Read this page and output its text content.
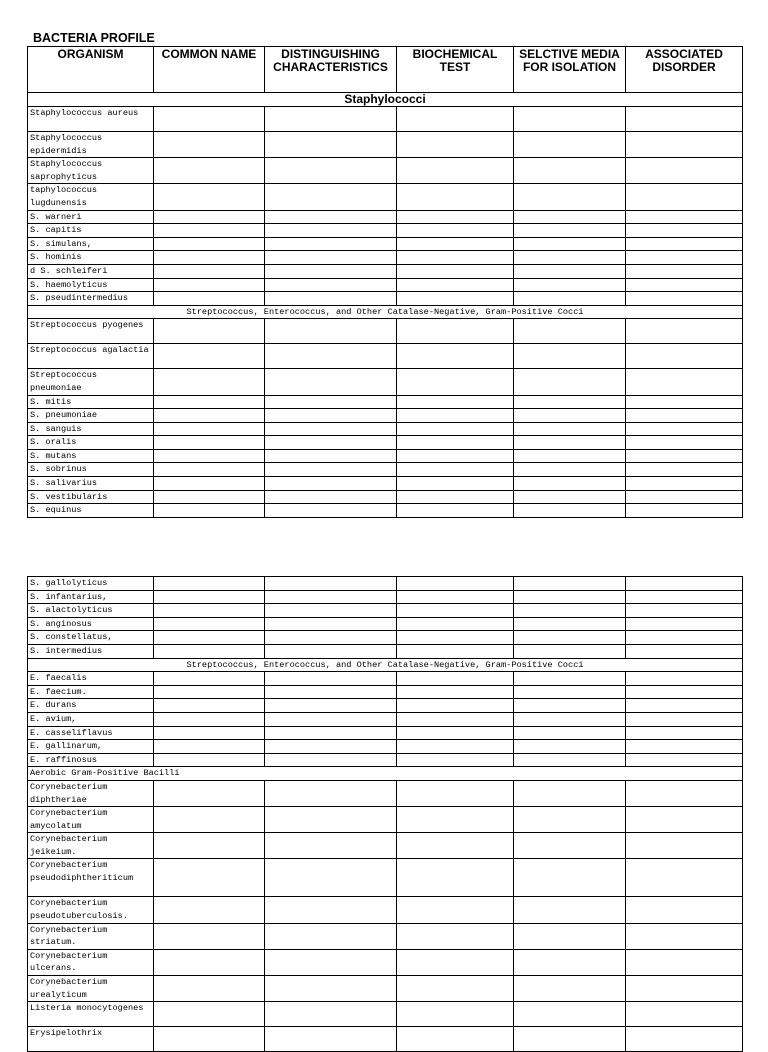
BACTERIA PROFILE
ORGANISM	COMMON NAME	DISTINGUISHING CHARACTERISTICS	BIOCHEMICAL TEST	SELCTIVE MEDIA FOR ISOLATION	ASSOCIATED DISORDER
Staphylococci					
Staphylococcus aureus					
Staphylococcus epidermidis					
Staphylococcus saprophyticus					
taphylococcus lugdunensis					
S. warneri					
S. capitis					
S. simulans,					
S. hominis					
d S. schleiferi					
S. haemolyticus					
S. pseudintermedius					
Streptococcus, Enterococcus, and Other Catalase-Negative, Gram-Positive Cocci					
Streptococcus pyogenes					
Streptococcus agalactia					
Streptococcus pneumoniae					
S. mitis					
S. pneumoniae					
S. sanguis					
S. oralis					
S. mutans					
S. sobrinus					
S. salivarius					
S. vestibularis					
S. equinus					
S. gallolyticus					
S. infantarius,					
S. alactolyticus					
S. anginosus					
S. constellatus,					
S. intermedius					
Streptococcus, Enterococcus, and Other Catalase-Negative, Gram-Positive Cocci					
E. faecalis					
E. faecium.					
E. durans					
E. avium,					
E. casseliflavus					
E. gallinarum,					
E. raffinosus					
Aerobic Gram-Positive Bacilli					
Corynebacterium diphtheriae					
Corynebacterium amycolatum					
Corynebacterium jeikeium.					
Corynebacterium pseudodiphtheriticum					
Corynebacterium pseudotuberculosis.					
Corynebacterium striatum.					
Corynebacterium ulcerans.					
Corynebacterium urealyticum					
Listeria monocytogenes					
Erysipelothrix					
